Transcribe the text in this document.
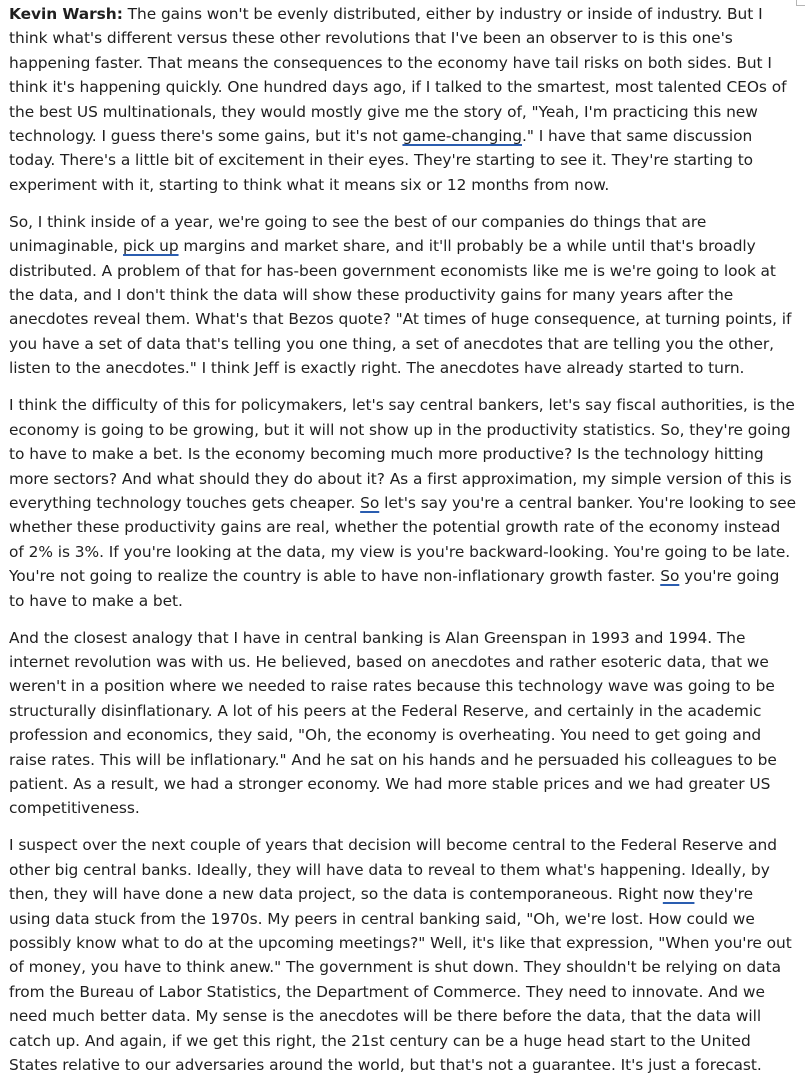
Kevin Warsh: The gains won't be evenly distributed, either by industry or inside of industry. But I think what's different versus these other revolutions that I've been an observer to is this one's happening faster. That means the consequences to the economy have tail risks on both sides. But I think it's happening quickly. One hundred days ago, if I talked to the smartest, most talented CEOs of the best US multinationals, they would mostly give me the story of, "Yeah, I'm practicing this new technology. I guess there's some gains, but it's not game-changing." I have that same discussion today. There's a little bit of excitement in their eyes. They're starting to see it. They're starting to experiment with it, starting to think what it means six or 12 months from now.

So, I think inside of a year, we're going to see the best of our companies do things that are unimaginable, pick up margins and market share, and it'll probably be a while until that's broadly distributed. A problem of that for has-been government economists like me is we're going to look at the data, and I don't think the data will show these productivity gains for many years after the anecdotes reveal them. What's that Bezos quote? "At times of huge consequence, at turning points, if you have a set of data that's telling you one thing, a set of anecdotes that are telling you the other, listen to the anecdotes." I think Jeff is exactly right. The anecdotes have already started to turn.

I think the difficulty of this for policymakers, let's say central bankers, let's say fiscal authorities, is the economy is going to be growing, but it will not show up in the productivity statistics. So, they're going to have to make a bet. Is the economy becoming much more productive? Is the technology hitting more sectors? And what should they do about it? As a first approximation, my simple version of this is everything technology touches gets cheaper. So let's say you're a central banker. You're looking to see whether these productivity gains are real, whether the potential growth rate of the economy instead of 2% is 3%. If you're looking at the data, my view is you're backward-looking. You're going to be late. You're not going to realize the country is able to have non-inflationary growth faster. So you're going to have to make a bet.

And the closest analogy that I have in central banking is Alan Greenspan in 1993 and 1994. The internet revolution was with us. He believed, based on anecdotes and rather esoteric data, that we weren't in a position where we needed to raise rates because this technology wave was going to be structurally disinflationary. A lot of his peers at the Federal Reserve, and certainly in the academic profession and economics, they said, "Oh, the economy is overheating. You need to get going and raise rates. This will be inflationary." And he sat on his hands and he persuaded his colleagues to be patient. As a result, we had a stronger economy. We had more stable prices and we had greater US competitiveness.

I suspect over the next couple of years that decision will become central to the Federal Reserve and other big central banks. Ideally, they will have data to reveal to them what's happening. Ideally, by then, they will have done a new data project, so the data is contemporaneous. Right now they're using data stuck from the 1970s. My peers in central banking said, "Oh, we're lost. How could we possibly know what to do at the upcoming meetings?" Well, it's like that expression, "When you're out of money, you have to think anew." The government is shut down. They shouldn't be relying on data from the Bureau of Labor Statistics, the Department of Commerce. They need to innovate. And we need much better data. My sense is the anecdotes will be there before the data, that the data will catch up. And again, if we get this right, the 21st century can be a huge head start to the United States relative to our adversaries around the world, but that's not a guarantee. It's just a forecast.
